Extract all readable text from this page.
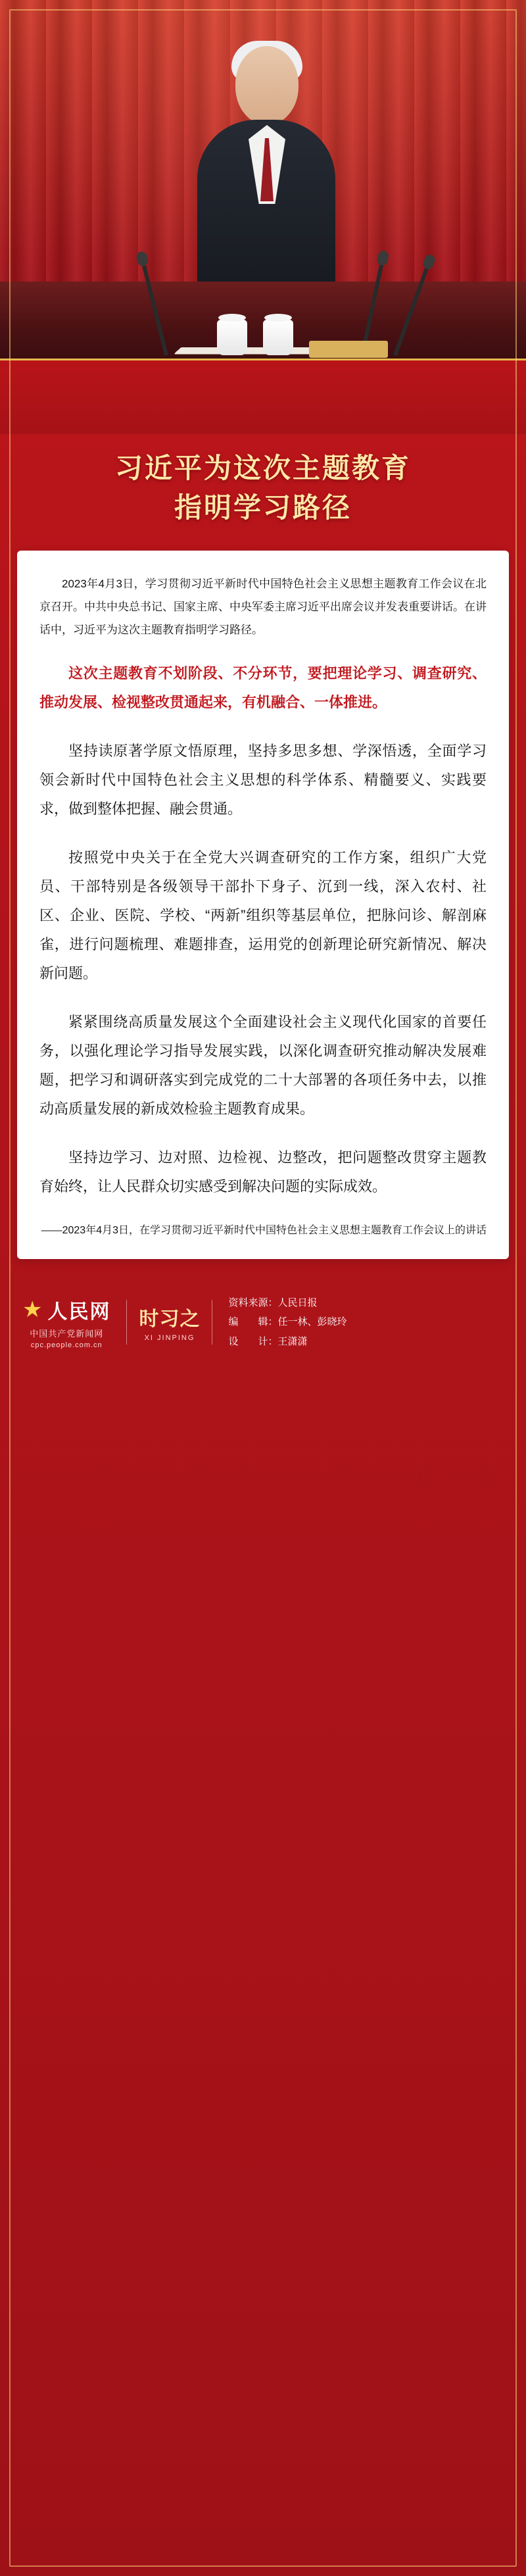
习近平为这次主题教育
指明学习路径

2023年4月3日，学习贯彻习近平新时代中国特色社会主义思想主题教育工作会议在北京召开。中共中央总书记、国家主席、中央军委主席习近平出席会议并发表重要讲话。在讲话中，习近平为这次主题教育指明学习路径。

这次主题教育不划阶段、不分环节，要把理论学习、调查研究、推动发展、检视整改贯通起来，有机融合、一体推进。

坚持读原著学原文悟原理，坚持多思多想、学深悟透，全面学习领会新时代中国特色社会主义思想的科学体系、精髓要义、实践要求，做到整体把握、融会贯通。

按照党中央关于在全党大兴调查研究的工作方案，组织广大党员、干部特别是各级领导干部扑下身子、沉到一线，深入农村、社区、企业、医院、学校、“两新”组织等基层单位，把脉问诊、解剖麻雀，进行问题梳理、难题排查，运用党的创新理论研究新情况、解决新问题。

紧紧围绕高质量发展这个全面建设社会主义现代化国家的首要任务，以强化理论学习指导发展实践，以深化调查研究推动解决发展难题，把学习和调研落实到完成党的二十大部署的各项任务中去，以推动高质量发展的新成效检验主题教育成果。

坚持边学习、边对照、边检视、边整改，把问题整改贯穿主题教育始终，让人民群众切实感受到解决问题的实际成效。

——2023年4月3日，在学习贯彻习近平新时代中国特色社会主义思想主题教育工作会议上的讲话
★ 人民网
中国共产党新闻网
cpc.people.com.cn
时习之
XI JINPING
资料来源：人民日报
编　　辑：任一林、彭晓玲
设　　计：王潇潇
